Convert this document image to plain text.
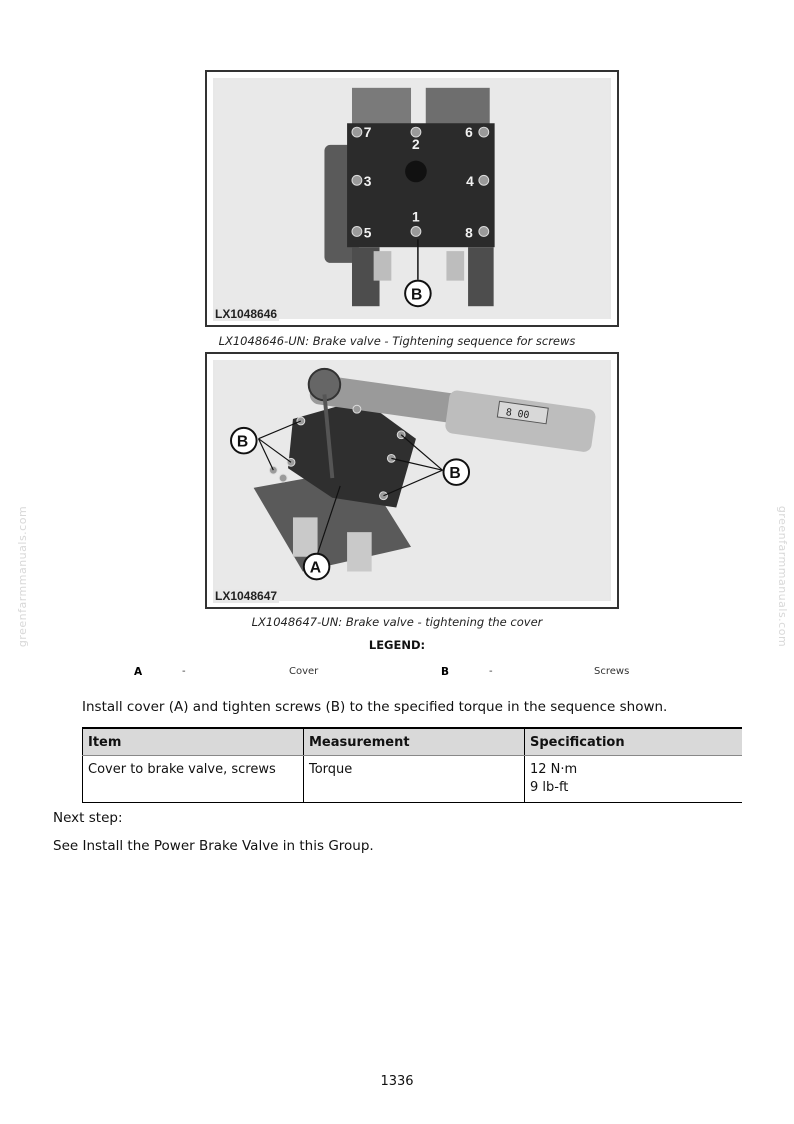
7
2
6
3	4
1
5	8
B
LX1048646
LX1048646-UN: Brake valve - Tightening sequence for screws
8 00
B
B
A
LX1048647
LX1048647-UN: Brake valve - tightening the cover
LEGEND:
A	-	Cover	B	-	Screws
Install cover (A) and tighten screws (B) to the specified torque in the sequence shown.
Item	Measurement	Specification
Cover to brake valve, screws	Torque	12 N·m
9 lb-ft
Next step:
See Install the Power Brake Valve in this Group.
greenfarmmanuals.com	greenfarmmanuals.com
1336
